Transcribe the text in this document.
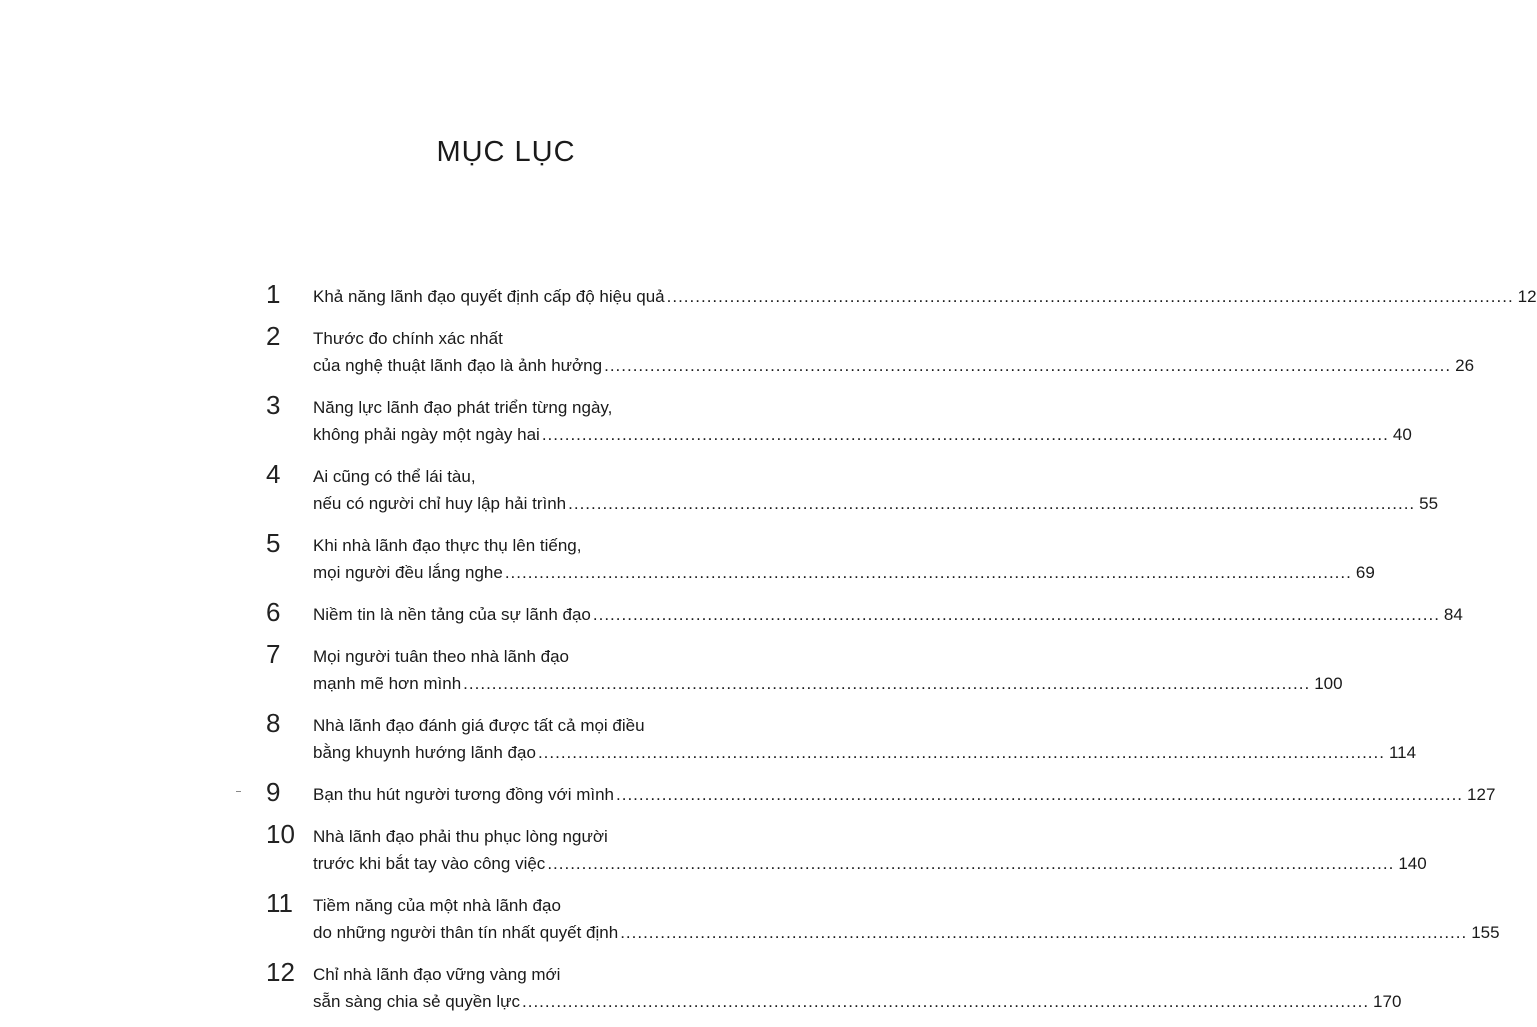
MỤC LỤC
1	Khả năng lãnh đạo quyết định cấp độ hiệu quả .....	12
2	Thước đo chính xác nhất
của nghệ thuật lãnh đạo là ảnh hưởng .....	26
3	Năng lực lãnh đạo phát triển từng ngày,
không phải ngày một ngày hai .....	40
4	Ai cũng có thể lái tàu,
nếu có người chỉ huy lập hải trình .....	55
5	Khi nhà lãnh đạo thực thụ lên tiếng,
mọi người đều lắng nghe .....	69
6	Niềm tin là nền tảng của sự lãnh đạo .....	84
7	Mọi người tuân theo nhà lãnh đạo
mạnh mẽ hơn mình .....	100
8	Nhà lãnh đạo đánh giá được tất cả mọi điều
bằng khuynh hướng lãnh đạo .....	114
9	Bạn thu hút người tương đồng với mình .....	127
10	Nhà lãnh đạo phải thu phục lòng người
trước khi bắt tay vào công việc .....	140
11	Tiềm năng của một nhà lãnh đạo
do những người thân tín nhất quyết định .....	155
12	Chỉ nhà lãnh đạo vững vàng mới
sẵn sàng chia sẻ quyền lực .....	170
